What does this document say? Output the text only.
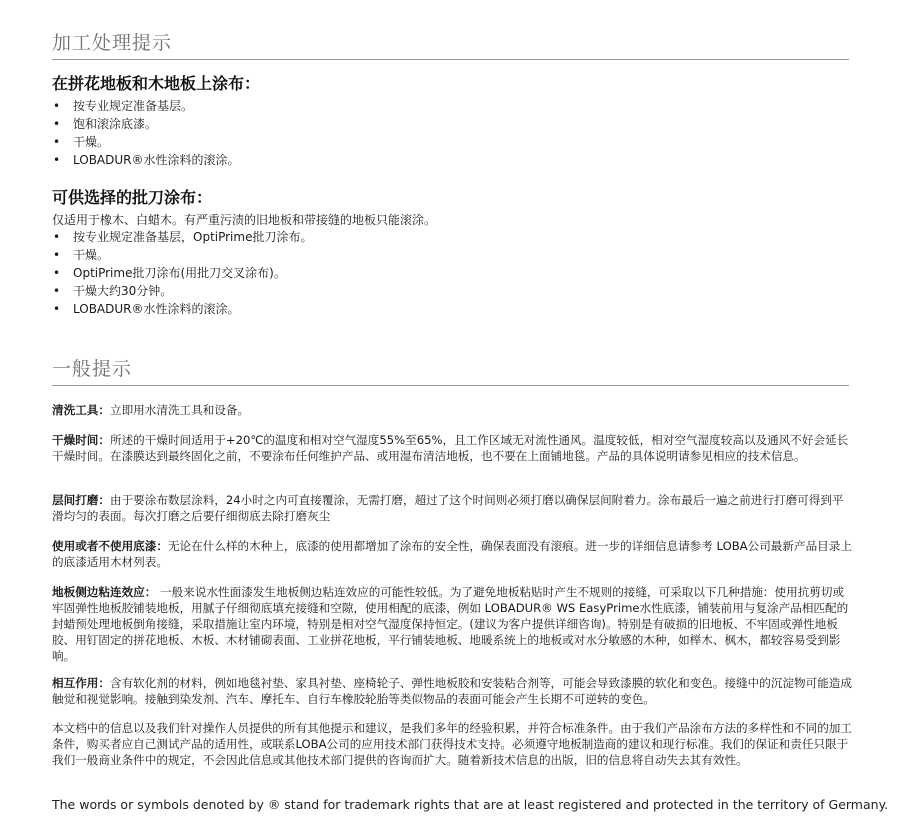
加工处理提示
在拼花地板和木地板上涂布：
• 按专业规定准备基层。
• 饱和滚涂底漆。
• 干燥。
• LOBADUR®水性涂料的滚涂。
可供选择的批刀涂布：

仅适用于橡木、白蜡木。有严重污渍的旧地板和带接缝的地板只能滚涂。

• 按专业规定准备基层，OptiPrime批刀涂布。
• 干燥。
• OptiPrime批刀涂布(用批刀交叉涂布)。
• 干燥大约30分钟。
• LOBADUR®水性涂料的滚涂。
一般提示

清洗工具：立即用水清洗工具和设备。

干燥时间：所述的干燥时间适用于+20℃的温度和相对空气湿度55%至65%，且工作区域无对流性通风。温度较低，相对空气湿度较高以及通风不好会延长干燥时间。在漆膜达到最终固化之前，不要涂布任何维护产品、或用湿布清洁地板，也不要在上面铺地毯。产品的具体说明请参见相应的技术信息。

层间打磨：由于要涂布数层涂料，24小时之内可直接覆涂，无需打磨，超过了这个时间则必须打磨以确保层间附着力。涂布最后一遍之前进行打磨可得到平滑均匀的表面。每次打磨之后要仔细彻底去除打磨灰尘

使用或者不使用底漆：无论在什么样的木种上，底漆的使用都增加了涂布的安全性，确保表面没有滚痕。进一步的详细信息请参考 LOBA公司最新产品目录上的底漆适用木材列表。

地板侧边粘连效应： 一般来说水性面漆发生地板侧边粘连效应的可能性较低。为了避免地板粘贴时产生不规则的接缝，可采取以下几种措施：使用抗剪切或牢固弹性地板胶铺装地板，用腻子仔细彻底填充接缝和空隙，使用相配的底漆，例如 LOBADUR® WS EasyPrime水性底漆，铺装前用与复涂产品相匹配的封蜡预处理地板倒角接缝，采取措施让室内环境，特别是相对空气湿度保持恒定。(建议为客户提供详细咨询)。特别是有破损的旧地板、不牢固或弹性地板胶、用钉固定的拼花地板、木板、木材铺砌表面、工业拼花地板，平行铺装地板、地暖系统上的地板或对水分敏感的木种，如榉木、枫木，都较容易受到影响。

相互作用：含有软化剂的材料，例如地毯衬垫、家具衬垫、座椅轮子、弹性地板胶和安装粘合剂等，可能会导致漆膜的软化和变色。接缝中的沉淀物可能造成触觉和视觉影响。接触到染发剂、汽车、摩托车、自行车橡胶轮胎等类似物品的表面可能会产生长期不可逆转的变色。

本文档中的信息以及我们针对操作人员提供的所有其他提示和建议，是我们多年的经验积累，并符合标准条件。由于我们产品涂布方法的多样性和不同的加工条件，购买者应自己测试产品的适用性，或联系LOBA公司的应用技术部门获得技术支持。必须遵守地板制造商的建议和现行标准。我们的保证和责任只限于我们一般商业条件中的规定，不会因此信息或其他技术部门提供的咨询而扩大。随着新技术信息的出版，旧的信息将自动失去其有效性。

The words or symbols denoted by ® stand for trademark rights that are at least registered and protected in the territory of Germany.
